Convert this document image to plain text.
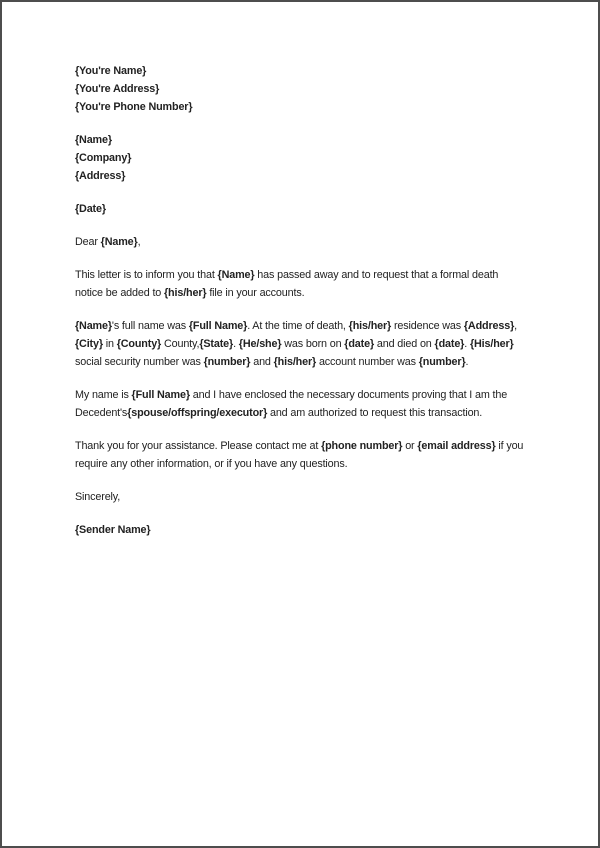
{You're Name}
{You're Address}
{You're Phone Number}
{Name}
{Company}
{Address}
{Date}
Dear {Name},
This letter is to inform you that {Name} has passed away and to request that a formal death notice be added to {his/her} file in your accounts.
{Name}'s full name was {Full Name}. At the time of death, {his/her} residence was {Address}, {City} in {County} County,{State}. {He/she} was born on {date} and died on {date}. {His/her} social security number was {number} and {his/her} account number was {number}.
My name is {Full Name} and I have enclosed the necessary documents proving that I am the Decedent's{spouse/offspring/executor} and am authorized to request this transaction.
Thank you for your assistance. Please contact me at {phone number} or {email address} if you require any other information, or if you have any questions.
Sincerely,
{Sender Name}
